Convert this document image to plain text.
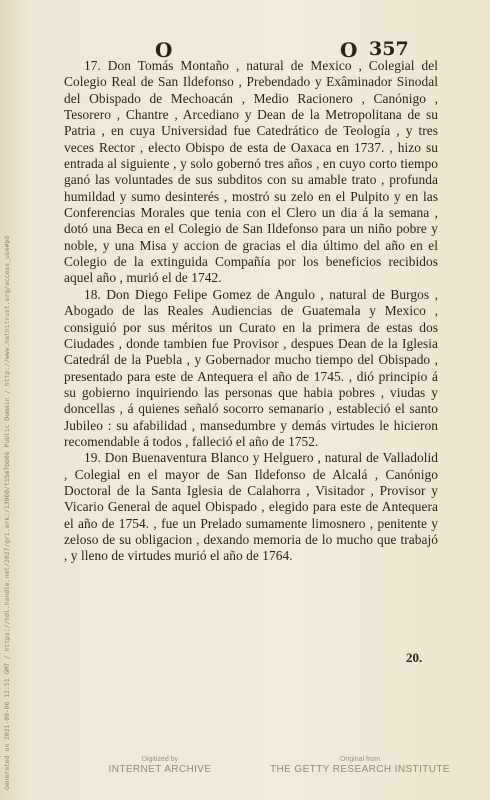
O	O 357

17. Don Tomás Montaño , natural de Mexico , Colegial del Colegio Real de San Ildefonso , Prebendado y Exâminador Sinodal del Obispado de Mechoacán , Medio Racionero , Canónigo , Tesorero , Chantre , Arcediano y Dean de la Metropolitana de su Patria , en cuya Universidad fue Catedrático de Teología , y tres veces Rector , electo Obispo de esta de Oaxaca en 1737. , hizo su entrada al siguiente , y solo gobernó tres años , en cuyo corto tiempo ganó las voluntades de sus subditos con su amable trato , profunda humildad y sumo desinterés , mostró su zelo en el Pulpito y en las Conferencias Morales que tenia con el Clero un dia á la semana , dotó una Beca en el Colegio de San Ildefonso para un niño pobre y noble, y una Misa y accion de gracias el dia último del año en el Colegio de la extinguida Compañía por los beneficios recibidos aquel año , murió el de 1742.

18. Don Diego Felipe Gomez de Angulo , natural de Burgos , Abogado de las Reales Audiencias de Guatemala y Mexico , consiguió por sus méritos un Curato en la primera de estas dos Ciudades , donde tambien fue Provisor , despues Dean de la Iglesia Catedrál de la Puebla , y Gobernador mucho tiempo del Obispado , presentado para este de Antequera el año de 1745. , dió principio á su gobierno inquiriendo las personas que habia pobres , viudas y doncellas , á quienes señaló socorro semanario , estableció el santo Jubileo : su afabilidad , mansedumbre y demás virtudes le hicieron recomendable á todos , falleció el año de 1752.

19. Don Buenaventura Blanco y Helguero , natural de Valladolid , Colegial en el mayor de San Ildefonso de Alcalá , Canónigo Doctoral de la Santa Iglesia de Calahorra , Visitador , Provisor y Vicario General de aquel Obispado , elegido para este de Antequera el año de 1754. , fue un Prelado sumamente limosnero , penitente y zeloso de su obligacion , dexando memoria de lo mucho que trabajó , y lleno de virtudes murió el año de 1764.

20.
Generated on 2021-09-06 12:51 GMT / https://hdl.handle.net/2027/gri.ark:/13960/t15m7bb06 Public Domain / http://www.hathitrust.org/access_use#pd	Digitized by
INTERNET ARCHIVE
Original from
THE GETTY RESEARCH INSTITUTE
